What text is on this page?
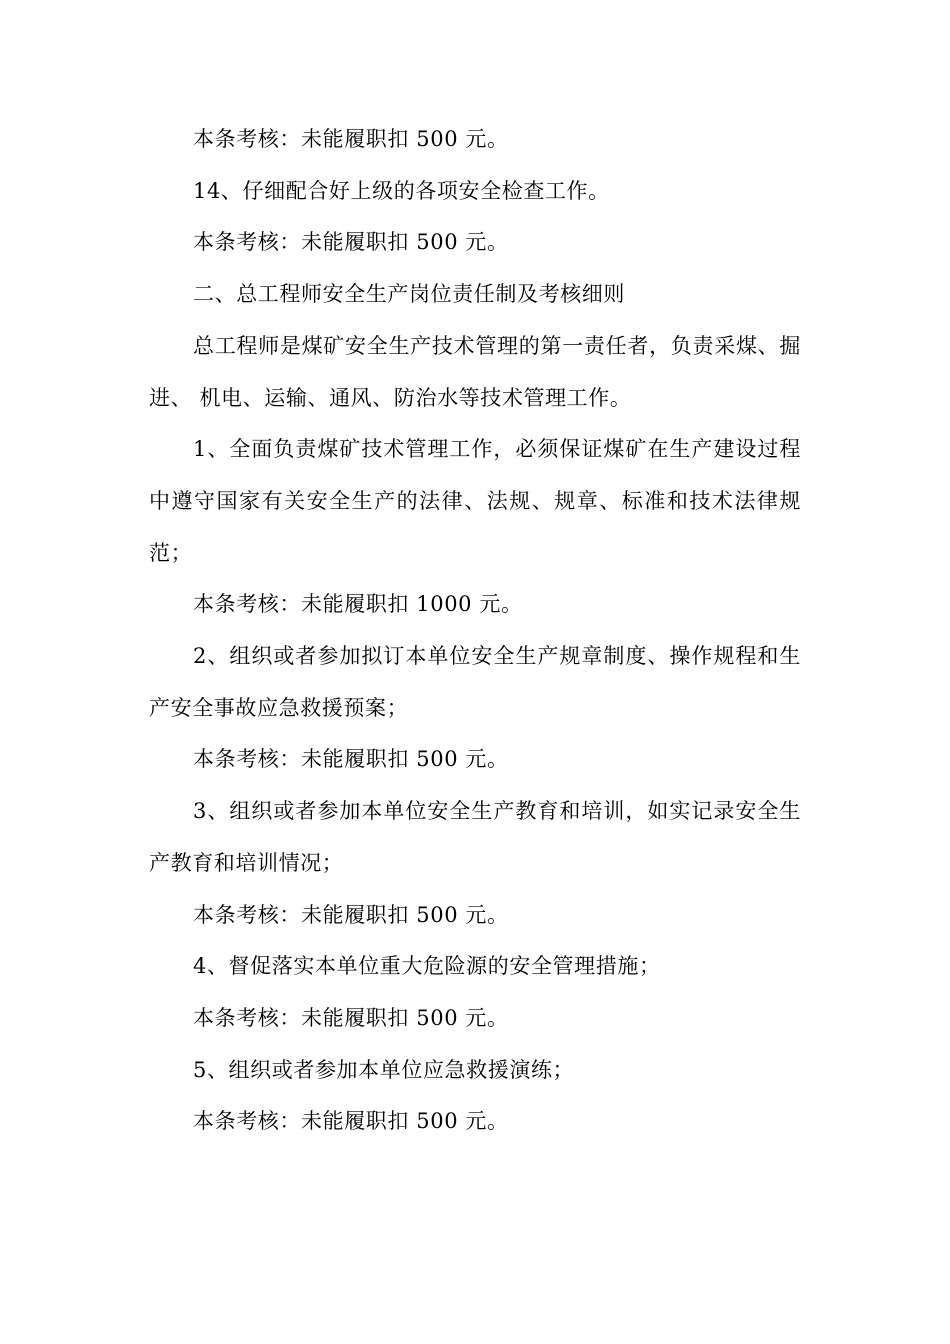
本条考核：未能履职扣 500 元。

14、仔细配合好上级的各项安全检查工作。

本条考核：未能履职扣 500 元。

二、总工程师安全生产岗位责任制及考核细则

总工程师是煤矿安全生产技术管理的第一责任者，负责采煤、掘进、 机电、运输、通风、防治水等技术管理工作。

1、全面负责煤矿技术管理工作，必须保证煤矿在生产建设过程中遵守国家有关安全生产的法律、法规、规章、标准和技术法律规范；

本条考核：未能履职扣 1000 元。

2、组织或者参加拟订本单位安全生产规章制度、操作规程和生产安全事故应急救援预案；

本条考核：未能履职扣 500 元。

3、组织或者参加本单位安全生产教育和培训，如实记录安全生产教育和培训情况；

本条考核：未能履职扣 500 元。

4、督促落实本单位重大危险源的安全管理措施；

本条考核：未能履职扣 500 元。

5、组织或者参加本单位应急救援演练；

本条考核：未能履职扣 500 元。
